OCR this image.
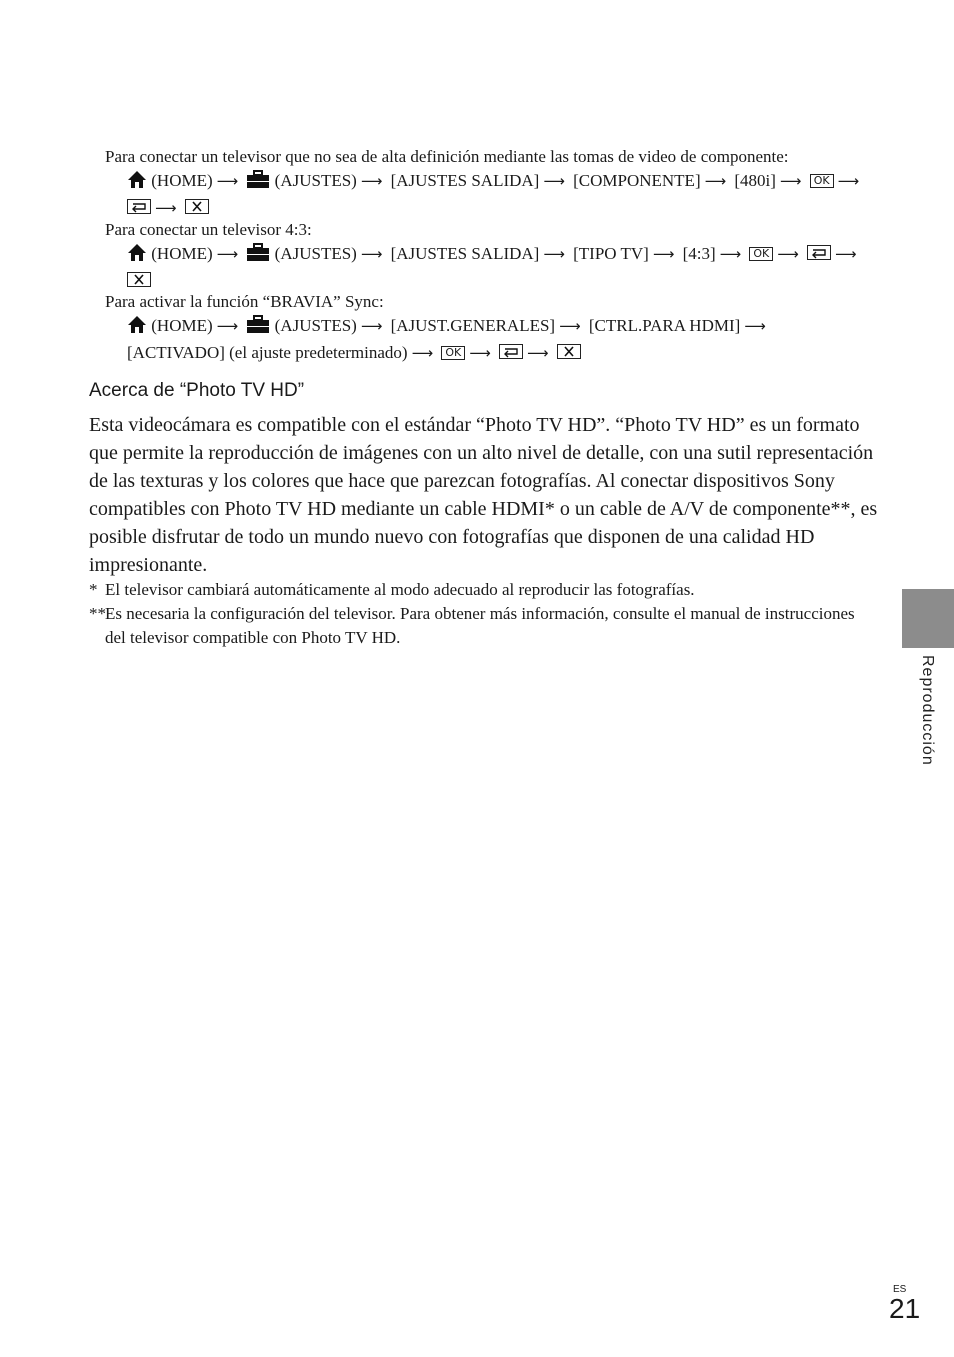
Para conectar un televisor que no sea de alta definición mediante las tomas de video de componente:
(HOME) ⟶ (AJUSTES) ⟶ [AJUSTES SALIDA] ⟶ [COMPONENTE] ⟶ [480i] ⟶ OK ⟶
⟶
Para conectar un televisor 4:3:
(HOME) ⟶ (AJUSTES) ⟶ [AJUSTES SALIDA] ⟶ [TIPO TV] ⟶ [4:3] ⟶ OK ⟶ ⟶
Para activar la función “BRAVIA” Sync:
(HOME) ⟶ (AJUSTES) ⟶ [AJUST.GENERALES] ⟶ [CTRL.PARA HDMI] ⟶
[ACTIVADO] (el ajuste predeterminado) ⟶ OK ⟶ ⟶
Acerca de “Photo TV HD”
Esta videocámara es compatible con el estándar “Photo TV HD”. “Photo TV HD” es un formato que permite la reproducción de imágenes con un alto nivel de detalle, con una sutil representación de las texturas y los colores que hace que parezcan fotografías. Al conectar dispositivos Sony compatibles con Photo TV HD mediante un cable HDMI* o un cable de A/V de componente**, es posible disfrutar de todo un mundo nuevo con fotografías que disponen de una calidad HD impresionante.
* El televisor cambiará automáticamente al modo adecuado al reproducir las fotografías.
** Es necesaria la configuración del televisor. Para obtener más información, consulte el manual de instrucciones del televisor compatible con Photo TV HD.
Reproducción
ES
21
